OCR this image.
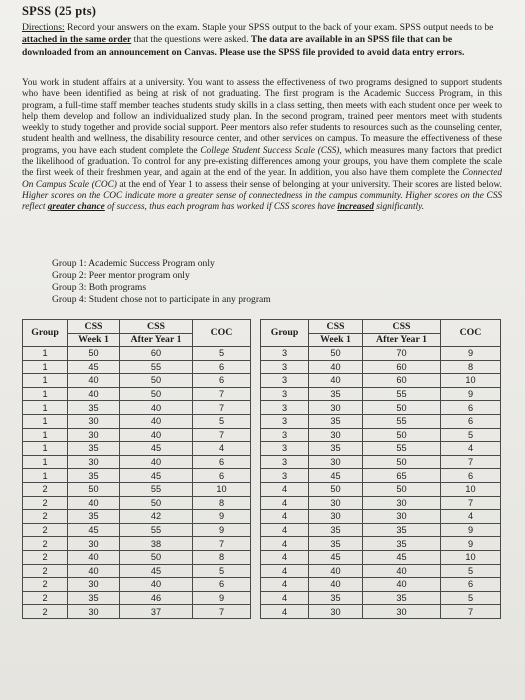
SPSS (25 pts)
Directions: Record your answers on the exam. Staple your SPSS output to the back of your exam. SPSS output needs to be attached in the same order that the questions were asked. The data are available in an SPSS file that can be downloaded from an announcement on Canvas. Please use the SPSS file provided to avoid data entry errors.
You work in student affairs at a university. You want to assess the effectiveness of two programs designed to support students who have been identified as being at risk of not graduating. The first program is the Academic Success Program, in this program, a full-time staff member teaches students study skills in a class setting, then meets with each student once per week to help them develop and follow an individualized study plan. In the second program, trained peer mentors meet with students weekly to study together and provide social support. Peer mentors also refer students to resources such as the counseling center, student health and wellness, the disability resource center, and other services on campus. To measure the effectiveness of these programs, you have each student complete the College Student Success Scale (CSS), which measures many factors that predict the likelihood of graduation. To control for any pre-existing differences among your groups, you have them complete the scale the first week of their freshmen year, and again at the end of the year. In addition, you also have them complete the Connected On Campus Scale (COC) at the end of Year 1 to assess their sense of belonging at your university. Their scores are listed below. Higher scores on the COC indicate more a greater sense of connectedness in the campus community. Higher scores on the CSS reflect greater chance of success, thus each program has worked if CSS scores have increased significantly.
Group 1: Academic Success Program only
Group 2: Peer mentor program only
Group 3: Both programs
Group 4: Student chose not to participate in any program
Group	CSS	CSS	COC		Group	CSS	CSS	COC
	Week 1	After Year 1				Week 1	After Year 1	
1	50	60	5		3	50	70	9
1	45	55	6		3	40	60	8
1	40	50	6		3	40	60	10
1	40	50	7		3	35	55	9
1	35	40	7		3	30	50	6
1	30	40	5		3	35	55	6
1	30	40	7		3	30	50	5
1	35	45	4		3	35	55	4
1	30	40	6		3	30	50	7
1	35	45	6		3	45	65	6
2	50	55	10		4	50	50	10
2	40	50	8		4	30	30	7
2	35	42	9		4	30	30	4
2	45	55	9		4	35	35	9
2	30	38	7		4	35	35	9
2	40	50	8		4	45	45	10
2	40	45	5		4	40	40	5
2	30	40	6		4	40	40	6
2	35	46	9		4	35	35	5
2	30	37	7		4	30	30	7
